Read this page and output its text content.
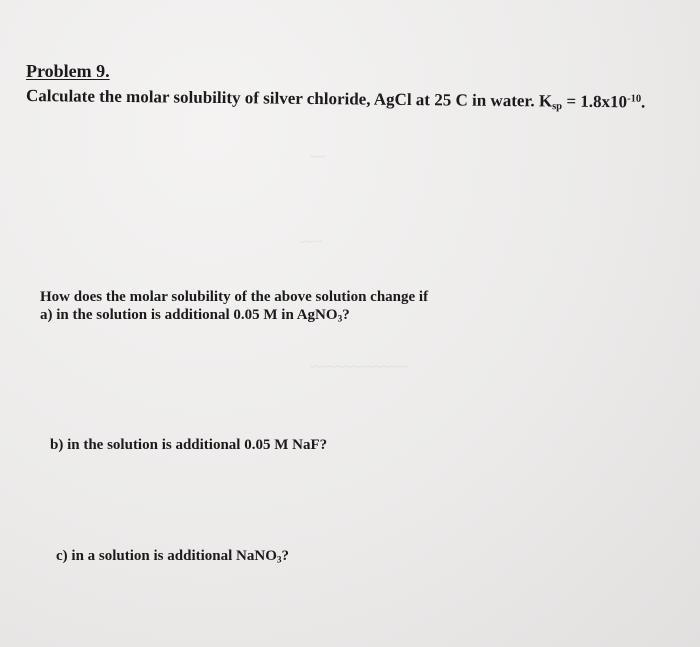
~~
~~~
~~~~~~~~~~~~~
Problem 9.
Calculate the molar solubility of silver chloride, AgCl at 25 C in water. $K_{sp} = 1.8x10^{-10}$.
How does the molar solubility of the above solution change if
a) in the solution is additional 0.05 M in AgNO$_3$?
b) in the solution is additional 0.05 M NaF?
c) in a solution is additional NaNO$_3$?
